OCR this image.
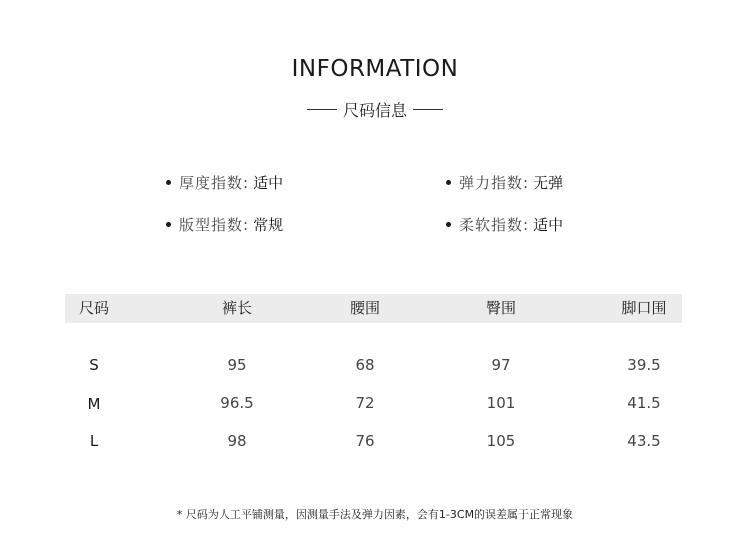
INFORMATION
尺码信息
厚度指数: 适中	弹力指数: 无弹
版型指数: 常规	柔软指数: 适中
尺码	裤长	腰围	臀围	脚口围
S	95	68	97	39.5
M	96.5	72	101	41.5
L	98	76	105	43.5
* 尺码为人工平铺测量，因测量手法及弹力因素，会有1-3CM的误差属于正常现象
